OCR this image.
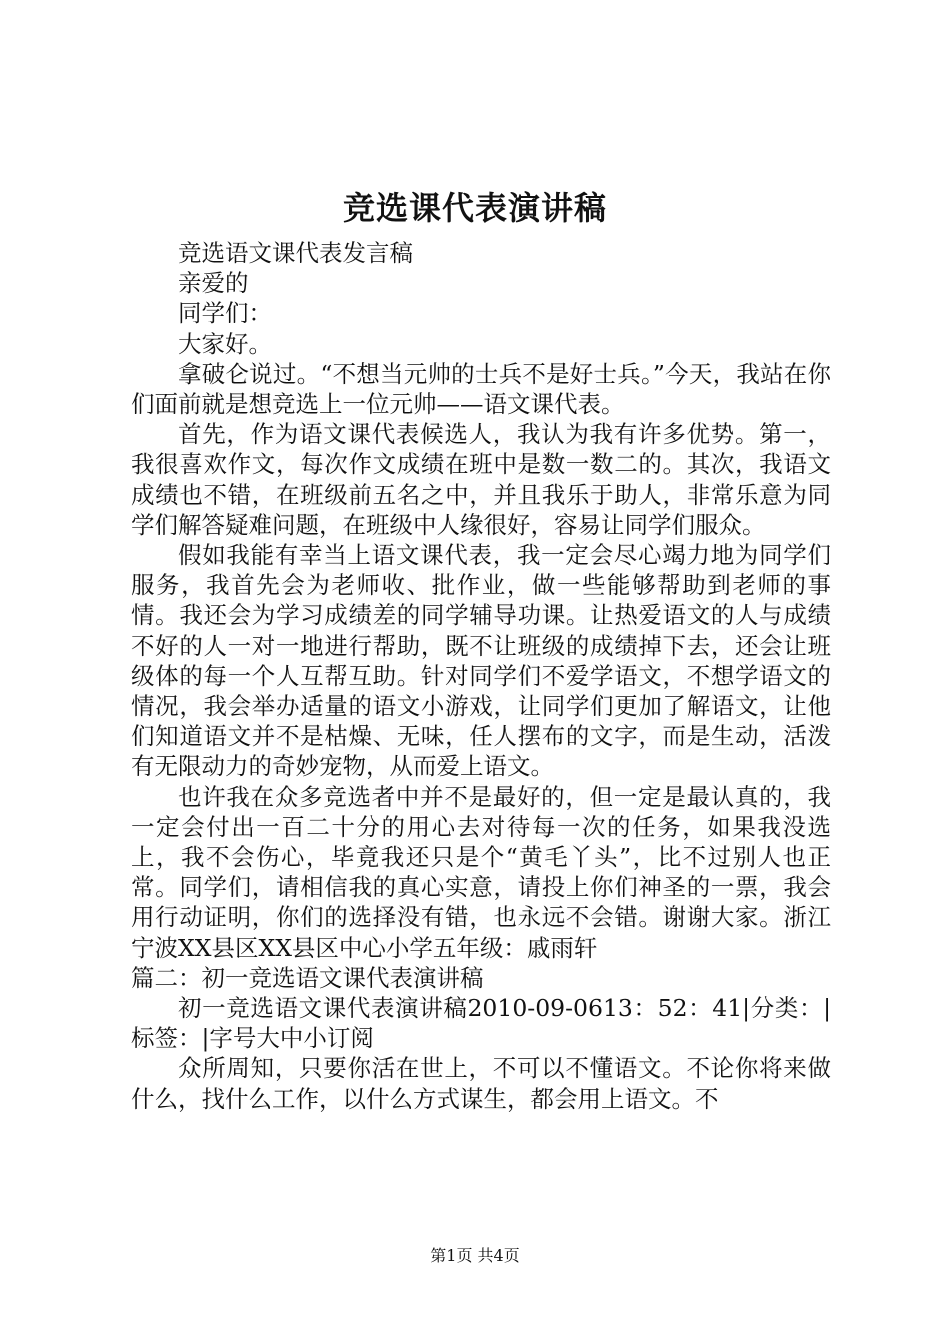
竞选课代表演讲稿

竞选语文课代表发言稿

亲爱的

同学们：

大家好。

拿破仑说过。“不想当元帅的士兵不是好士兵。”今天，我站在你们面前就是想竞选上一位元帅——语文课代表。

首先，作为语文课代表候选人，我认为我有许多优势。第一，我很喜欢作文，每次作文成绩在班中是数一数二的。其次，我语文成绩也不错，在班级前五名之中，并且我乐于助人，非常乐意为同学们解答疑难问题，在班级中人缘很好，容易让同学们服众。

假如我能有幸当上语文课代表，我一定会尽心竭力地为同学们服务，我首先会为老师收、批作业，做一些能够帮助到老师的事情。我还会为学习成绩差的同学辅导功课。让热爱语文的人与成绩不好的人一对一地进行帮助，既不让班级的成绩掉下去，还会让班级体的每一个人互帮互助。针对同学们不爱学语文，不想学语文的情况，我会举办适量的语文小游戏，让同学们更加了解语文，让他们知道语文并不是枯燥、无味，任人摆布的文字，而是生动，活泼有无限动力的奇妙宠物，从而爱上语文。

也许我在众多竞选者中并不是最好的，但一定是最认真的，我一定会付出一百二十分的用心去对待每一次的任务，如果我没选上，我不会伤心，毕竟我还只是个“黄毛丫头”，比不过别人也正常。同学们，请相信我的真心实意，请投上你们神圣的一票，我会用行动证明，你们的选择没有错，也永远不会错。谢谢大家。浙江宁波XX县区XX县区中心小学五年级：戚雨轩

篇二：初一竞选语文课代表演讲稿

初一竞选语文课代表演讲稿2010-09-0613：52：41|分类：|标签：|字号大中小订阅

众所周知，只要你活在世上，不可以不懂语文。不论你将来做什么，找什么工作，以什么方式谋生，都会用上语文。不

第1页 共4页
